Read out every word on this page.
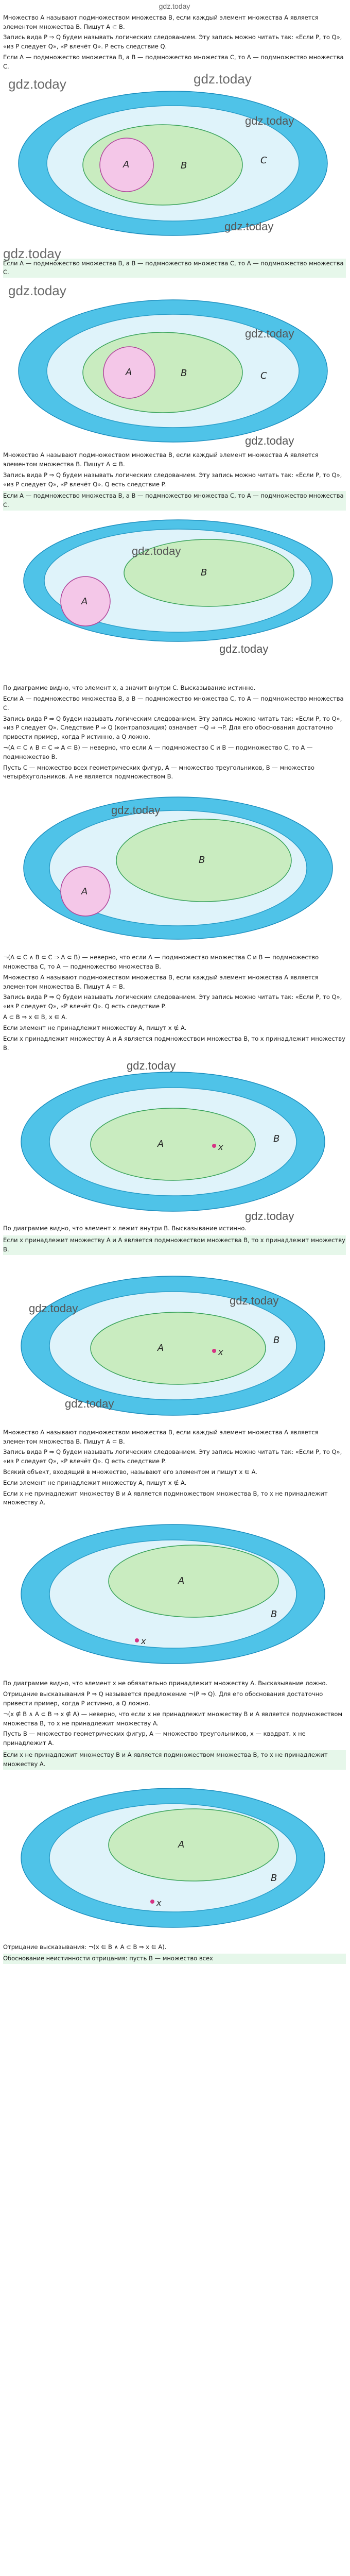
gdz.today

Множество A называют подмножеством множества B, если каждый элемент множества A является элементом множества B. Пишут A ⊂ B.

Запись вида P ⇒ Q будем называть логическим следованием. Эту запись можно читать так: «Если P, то Q», «из P следует Q», «P влечёт Q». P есть следствие Q.

Если A — подмножество множества B, а B — подмножество множества C, то A — подмножество множества C.

gdz.today	gdz.today
A	B	C
gdz.today
gdz.today
gdz.today

Если A — подмножество множества B, а B — подмножество множества C, то A — подмножество множества C.

gdz.today
A	B	C
gdz.today
gdz.today

Множество A называют подмножеством множества B, если каждый элемент множества A является элементом множества B. Пишут A ⊂ B.

Запись вида P ⇒ Q будем называть логическим следованием. Эту запись можно читать так: «Если P, то Q», «из P следует Q», «P влечёт Q». Q есть следствие P.

Если A — подмножество множества B, а B — подмножество множества C, то A — подмножество множества C.

A
B
gdz.today
gdz.today

По диаграмме видно, что элемент x, а значит внутри C. Высказывание истинно.

Если A — подмножество множества B, а B — подмножество множества C, то A — подмножество множества C.

Запись вида P ⇒ Q будем называть логическим следованием. Эту запись можно читать так: «Если P, то Q», «из P следует Q». Следствие P ⇒ Q (контрапозиция) означает ¬Q ⇒ ¬P. Для его обоснования достаточно привести пример, когда P истинно, а Q ложно.

¬(A ⊂ C ∧ B ⊂ C ⇒ A ⊂ B) — неверно, что если A — подмножество C и B — подмножество C, то A — подмножество B.

Пусть C — множество всех геометрических фигур, A — множество треугольников, B — множество четырёхугольников. A не является подмножеством B.

A
B
gdz.today

¬(A ⊂ C ∧ B ⊂ C ⇒ A ⊂ B) — неверно, что если A — подмножество множества C и B — подмножество множества C, то A — подмножество множества B.

Множество A называют подмножеством множества B, если каждый элемент множества A является элементом множества B. Пишут A ⊂ B.

Запись вида P ⇒ Q будем называть логическим следованием. Эту запись можно читать так: «Если P, то Q», «из P следует Q», «P влечёт Q». Q есть следствие P.

A ⊂ B ⇒ x ∈ B, x ∈ A.

Если элемент не принадлежит множеству A, пишут x ∉ A.

Если x принадлежит множеству A и A является подмножеством множества B, то x принадлежит множеству B.

gdz.today
A	x
B
gdz.today

По диаграмме видно, что элемент x лежит внутри B. Высказывание истинно.

Если x принадлежит множеству A и A является подмножеством множества B, то x принадлежит множеству B.

A	x
B
gdz.today
gdz.today
gdz.today

Множество A называют подмножеством множества B, если каждый элемент множества A является элементом множества B. Пишут A ⊂ B.

Запись вида P ⇒ Q будем называть логическим следованием. Эту запись можно читать так: «Если P, то Q», «из P следует Q», «P влечёт Q». Q есть следствие P.

Всякий объект, входящий в множество, называют его элементом и пишут x ∈ A.

Если элемент не принадлежит множеству A, пишут x ∉ A.

Если x не принадлежит множеству B и A является подмножеством множества B, то x не принадлежит множеству A.

A
x
B

По диаграмме видно, что элемент x не обязательно принадлежит множеству A. Высказывание ложно.

Отрицание высказывания P ⇒ Q называется предложение ¬(P ⇒ Q). Для его обоснования достаточно привести пример, когда P истинно, а Q ложно.

¬(x ∉ B ∧ A ⊂ B ⇒ x ∉ A) — неверно, что если x не принадлежит множеству B и A является подмножеством множества B, то x не принадлежит множеству A.

Пусть B — множество геометрических фигур, A — множество треугольников, x — квадрат. x не принадлежит A.

Если x не принадлежит множеству B и A является подмножеством множества B, то x не принадлежит множеству A.

A
x
B

Отрицание высказывания: ¬(x ∈ B ∧ A ⊂ B ⇒ x ∈ A).

Обоснование неистинности отрицания: пусть B — множество всех
